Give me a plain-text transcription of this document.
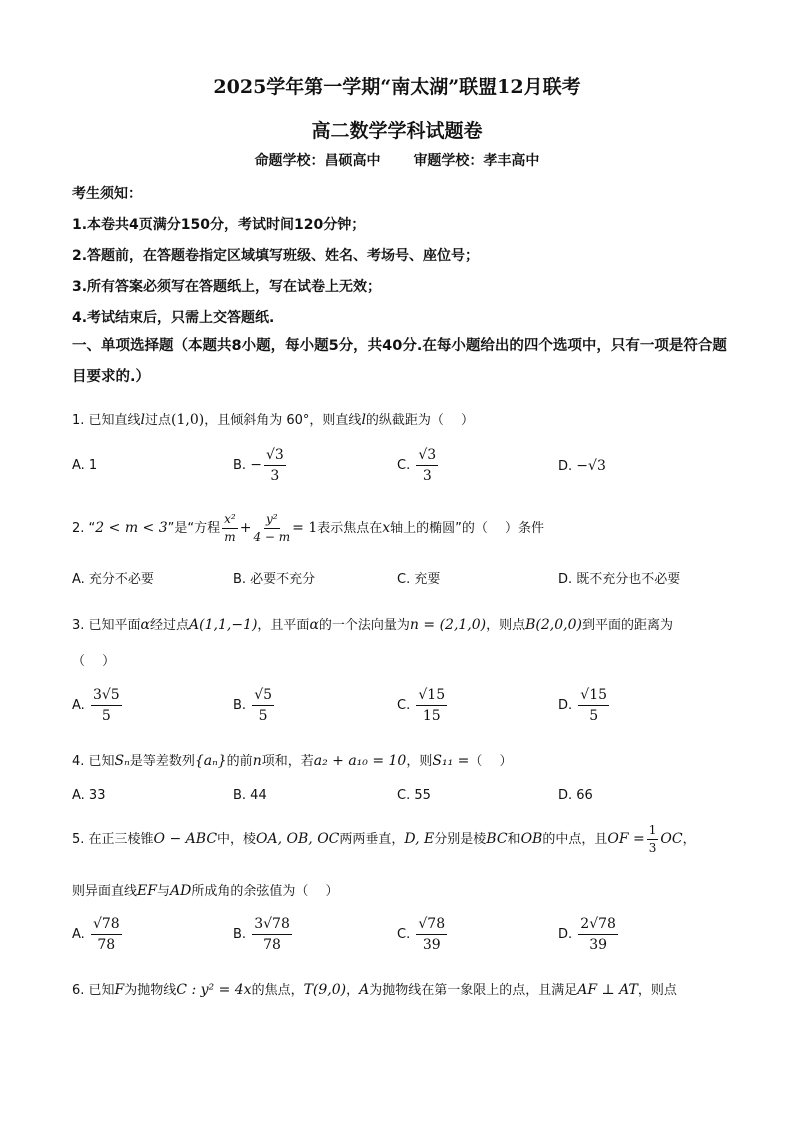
2025学年第一学期“南太湖”联盟12月联考
高二数学学科试题卷
命题学校：昌硕高中 审题学校：孝丰高中
考生须知：
1.本卷共4页满分150分，考试时间120分钟；
2.答题前，在答题卷指定区域填写班级、姓名、考场号、座位号；
3.所有答案必须写在答题纸上，写在试卷上无效；
4.考试结束后，只需上交答题纸.
一、单项选择题（本题共8小题，每小题5分，共40分.在每小题给出的四个选项中，只有一项是符合题目要求的.）
1. 已知直线l过点(1,0)，且倾斜角为 60°，则直线l的纵截距为（　 ）
A. 1	B. − $\frac{√3}{3}$	C. $\frac{√3}{3}$	D. −√3
2. “2 < m < 3”是“方程 $\frac{\text{x²}}{m} + \frac{\text{y²}}{4 - m} = 1$表示焦点在x轴上的椭圆”的（　 ）条件
A. 充分不必要	B. 必要不充分	C. 充要	D. 既不充分也不必要
3. 已知平面α经过点A(1,1,−1)，且平面α的一个法向量为n = (2,1,0)，则点B(2,0,0)到平面的距离为
（　 ）
A. $\frac{3√5}{5}$	B. $\frac{√5}{5}$	C. $\frac{√15}{15}$	D. $\frac{√15}{5}$
4. 已知Sₙ是等差数列{aₙ}的前n项和，若a₂ + a₁₀ = 10，则S₁₁ =（　 ）
A. 33	B. 44	C. 55	D. 66
5. 在正三棱锥O − ABC中，棱OA, OB, OC两两垂直，D, E分别是棱BC和OB的中点，且OF = $\frac{1}{3}$ OC，
则异面直线EF与AD所成角的余弦值为（　 ）
A. $\frac{√78}{78}$	B. $\frac{3√78}{78}$	C. $\frac{√78}{39}$	D. $\frac{2√78}{39}$
6. 已知F为抛物线C : y² = 4x的焦点，T(9,0)，A为抛物线在第一象限上的点，且满足AF ⊥ AT，则点
